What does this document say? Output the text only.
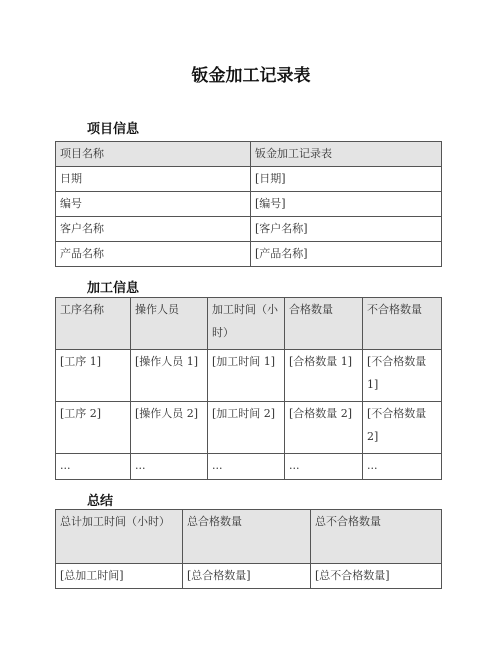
钣金加工记录表
项目信息
项目名称	钣金加工记录表
日期	[日期]
编号	[编号]
客户名称	[客户名称]
产品名称	[产品名称]
加工信息
工序名称	操作人员	加工时间（小时）	合格数量	不合格数量
[工序 1]	[操作人员 1]	[加工时间 1]	[合格数量 1]	[不合格数量 1]
[工序 2]	[操作人员 2]	[加工时间 2]	[合格数量 2]	[不合格数量 2]
...	...	...	...	...
总结
总计加工时间（小时）	总合格数量	总不合格数量
[总加工时间]	[总合格数量]	[总不合格数量]
